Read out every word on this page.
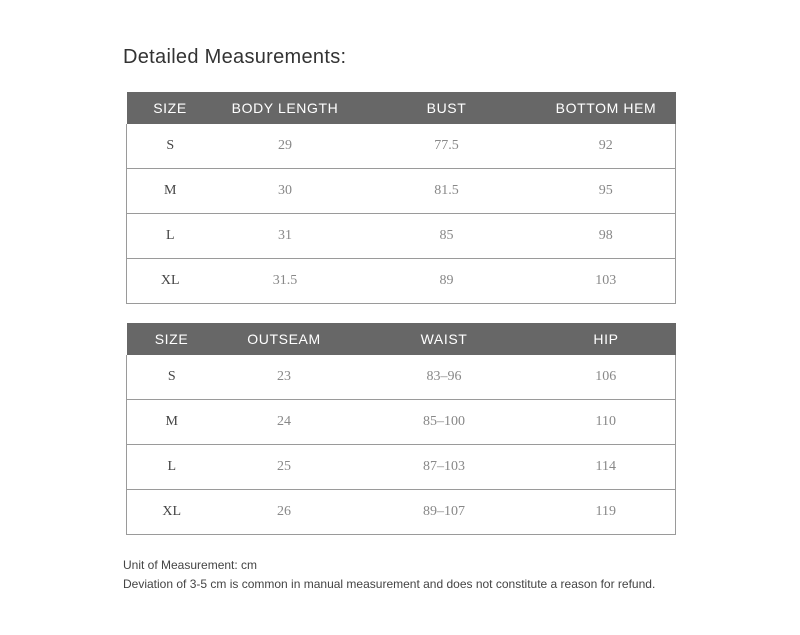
Detailed Measurements:
SIZE	BODY LENGTH	BUST	BOTTOM HEM
S	29	77.5	92
M	30	81.5	95
L	31	85	98
XL	31.5	89	103
SIZE	OUTSEAM	WAIST	HIP
S	23	83–96	106
M	24	85–100	110
L	25	87–103	114
XL	26	89–107	119
Unit of Measurement: cm
Deviation of 3-5 cm is common in manual measurement and does not constitute a reason for refund.
